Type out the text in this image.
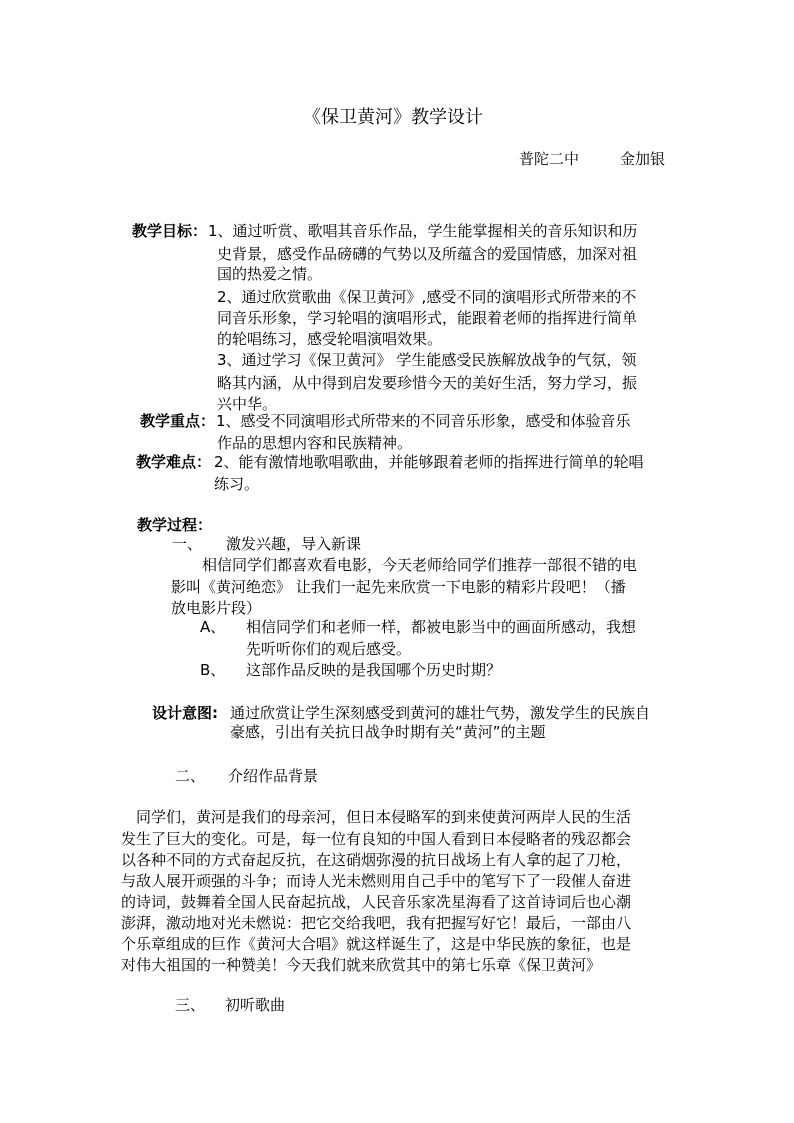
《保卫黄河》教学设计
普陀二中	金加银
教学目标： 1、通过听赏、歌唱其音乐作品，学生能掌握相关的音乐知识和历
史背景，感受作品磅礴的气势以及所蕴含的爱国情感，加深对祖
国的热爱之情。
2、通过欣赏歌曲《保卫黄河》,感受不同的演唱形式所带来的不
同音乐形象，学习轮唱的演唱形式，能跟着老师的指挥进行简单
的轮唱练习，感受轮唱演唱效果。
3、通过学习《保卫黄河》 学生能感受民族解放战争的气氛，领
略其内涵，从中得到启发要珍惜今天的美好生活，努力学习，振
兴中华。
教学重点： 1、感受不同演唱形式所带来的不同音乐形象，感受和体验音乐
作品的思想内容和民族精神。
教学难点： 2、能有激情地歌唱歌曲，并能够跟着老师的指挥进行简单的轮唱
练习。
教学过程：
一、 激发兴趣，导入新课
相信同学们都喜欢看电影，今天老师给同学们推荐一部很不错的电
影叫《黄河绝恋》 让我们一起先来欣赏一下电影的精彩片段吧！（播
放电影片段）
A、 相信同学们和老师一样，都被电影当中的画面所感动，我想
先听听你们的观后感受。
B、 这部作品反映的是我国哪个历史时期？
设计意图: 通过欣赏让学生深刻感受到黄河的雄壮气势，激发学生的民族自
豪感，引出有关抗日战争时期有关“黄河”的主题
二、 介绍作品背景
同学们，黄河是我们的母亲河，但日本侵略军的到来使黄河两岸人民的生活
发生了巨大的变化。可是，每一位有良知的中国人看到日本侵略者的残忍都会
以各种不同的方式奋起反抗，在这硝烟弥漫的抗日战场上有人拿的起了刀枪，
与敌人展开顽强的斗争；而诗人光未燃则用自己手中的笔写下了一段催人奋进
的诗词，鼓舞着全国人民奋起抗战，人民音乐家冼星海看了这首诗词后也心潮
澎湃，激动地对光未燃说：把它交给我吧，我有把握写好它！最后，一部由八
个乐章组成的巨作《黄河大合唱》就这样诞生了，这是中华民族的象征，也是
对伟大祖国的一种赞美！今天我们就来欣赏其中的第七乐章《保卫黄河》
三、 初听歌曲
